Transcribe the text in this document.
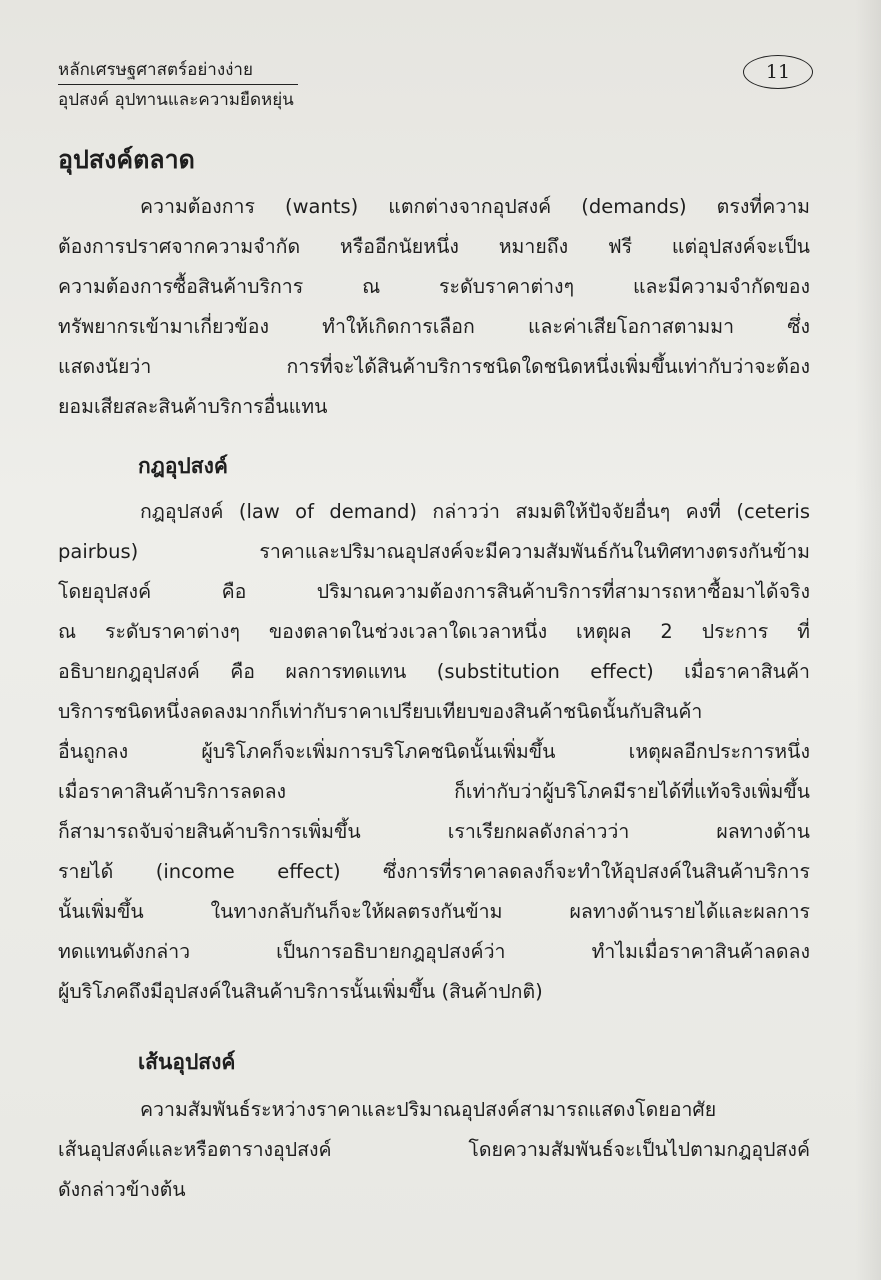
หลักเศรษฐศาสตร์อย่างง่าย
อุปสงค์ อุปทานและความยืดหยุ่น
11
อุปสงค์ตลาด
ความต้องการ (wants) แตกต่างจากอุปสงค์ (demands) ตรงที่ความ
ต้องการปราศจากความจำกัด หรืออีกนัยหนึ่ง หมายถึง ฟรี แต่อุปสงค์จะเป็น
ความต้องการซื้อสินค้าบริการ ณ ระดับราคาต่างๆ และมีความจำกัดของ
ทรัพยากรเข้ามาเกี่ยวข้อง ทำให้เกิดการเลือก และค่าเสียโอกาสตามมา ซึ่ง
แสดงนัยว่า การที่จะได้สินค้าบริการชนิดใดชนิดหนึ่งเพิ่มขึ้นเท่ากับว่าจะต้อง
ยอมเสียสละสินค้าบริการอื่นแทน
กฎอุปสงค์
กฎอุปสงค์ (law of demand) กล่าวว่า สมมติให้ปัจจัยอื่นๆ คงที่ (ceteris
pairbus) ราคาและปริมาณอุปสงค์จะมีความสัมพันธ์กันในทิศทางตรงกันข้าม
โดยอุปสงค์ คือ ปริมาณความต้องการสินค้าบริการที่สามารถหาซื้อมาได้จริง
ณ ระดับราคาต่างๆ ของตลาดในช่วงเวลาใดเวลาหนึ่ง เหตุผล 2 ประการ ที่
อธิบายกฎอุปสงค์ คือ ผลการทดแทน (substitution effect) เมื่อราคาสินค้า
บริการชนิดหนึ่งลดลงมากก็เท่ากับราคาเปรียบเทียบของสินค้าชนิดนั้นกับสินค้า
อื่นถูกลง ผู้บริโภคก็จะเพิ่มการบริโภคชนิดนั้นเพิ่มขึ้น เหตุผลอีกประการหนึ่ง
เมื่อราคาสินค้าบริการลดลง ก็เท่ากับว่าผู้บริโภคมีรายได้ที่แท้จริงเพิ่มขึ้น
ก็สามารถจับจ่ายสินค้าบริการเพิ่มขึ้น เราเรียกผลดังกล่าวว่า ผลทางด้าน
รายได้ (income effect) ซึ่งการที่ราคาลดลงก็จะทำให้อุปสงค์ในสินค้าบริการ
นั้นเพิ่มขึ้น ในทางกลับกันก็จะให้ผลตรงกันข้าม ผลทางด้านรายได้และผลการ
ทดแทนดังกล่าว เป็นการอธิบายกฎอุปสงค์ว่า ทำไมเมื่อราคาสินค้าลดลง
ผู้บริโภคถึงมีอุปสงค์ในสินค้าบริการนั้นเพิ่มขึ้น (สินค้าปกติ)
เส้นอุปสงค์
ความสัมพันธ์ระหว่างราคาและปริมาณอุปสงค์สามารถแสดงโดยอาศัย
เส้นอุปสงค์และหรือตารางอุปสงค์ โดยความสัมพันธ์จะเป็นไปตามกฎอุปสงค์
ดังกล่าวข้างต้น
